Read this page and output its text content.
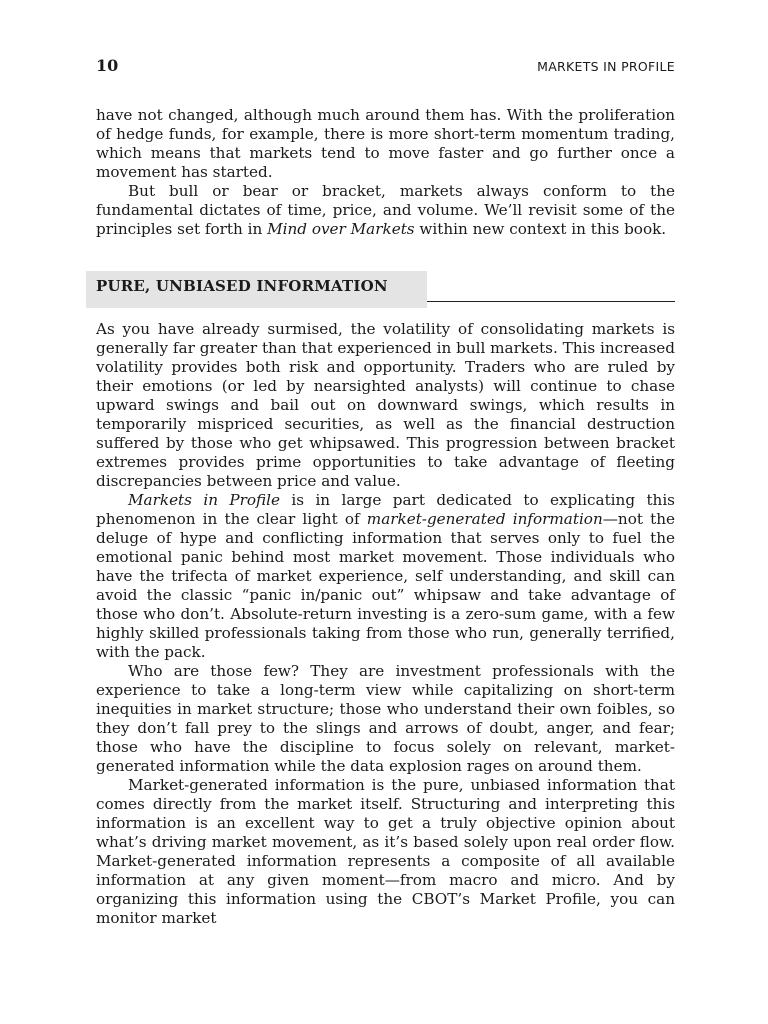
10	MARKETS IN PROFILE

have not changed, although much around them has. With the proliferation of hedge funds, for example, there is more short-term momentum trading, which means that markets tend to move faster and go further once a movement has started.

But bull or bear or bracket, markets always conform to the fundamental dictates of time, price, and volume. We’ll revisit some of the principles set forth in Mind over Markets within new context in this book.

PURE, UNBIASED INFORMATION

As you have already surmised, the volatility of consolidating markets is generally far greater than that experienced in bull markets. This increased volatility provides both risk and opportunity. Traders who are ruled by their emotions (or led by nearsighted analysts) will continue to chase upward swings and bail out on downward swings, which results in temporarily mispriced securities, as well as the financial destruction suffered by those who get whipsawed. This progression between bracket extremes provides prime opportunities to take advantage of fleeting discrepancies between price and value.

Markets in Profile is in large part dedicated to explicating this phenomenon in the clear light of market-generated information—not the deluge of hype and conflicting information that serves only to fuel the emotional panic behind most market movement. Those individuals who have the trifecta of market experience, self understanding, and skill can avoid the classic “panic in/panic out” whipsaw and take advantage of those who don’t. Absolute-return investing is a zero-sum game, with a few highly skilled professionals taking from those who run, generally terrified, with the pack.

Who are those few? They are investment professionals with the experience to take a long-term view while capitalizing on short-term inequities in market structure; those who understand their own foibles, so they don’t fall prey to the slings and arrows of doubt, anger, and fear; those who have the discipline to focus solely on relevant, market-generated information while the data explosion rages on around them.

Market-generated information is the pure, unbiased information that comes directly from the market itself. Structuring and interpreting this information is an excellent way to get a truly objective opinion about what’s driving market movement, as it’s based solely upon real order flow. Market-generated information represents a composite of all available information at any given moment—from macro and micro. And by organizing this information using the CBOT’s Market Profile, you can monitor market
